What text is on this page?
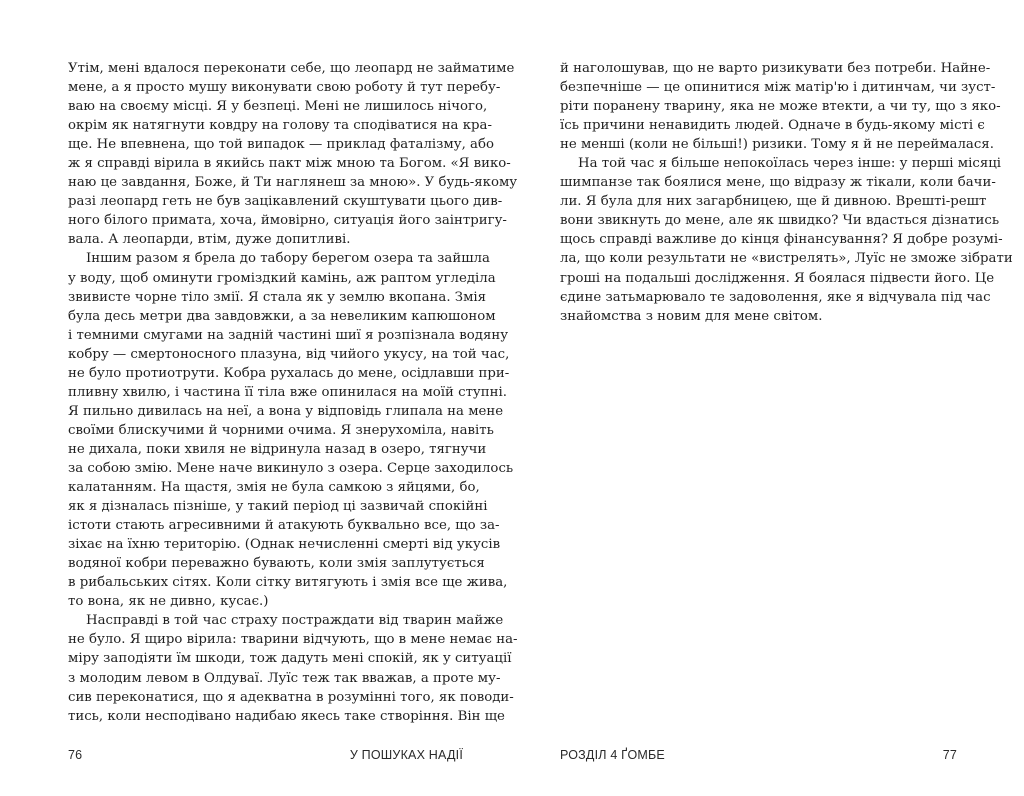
Утім, мені вдалося переконати себе, що леопард не займатиме
мене, а я просто мушу виконувати свою роботу й тут перебу-
ваю на своєму місці. Я у безпеці. Мені не лишилось нічого,
окрім як натягнути ковдру на голову та сподіватися на кра-
ще. Не впевнена, що той випадок — приклад фаталізму, або
ж я справді вірила в якийсь пакт між мною та Богом. «Я вико-
наю це завдання, Боже, й Ти наглянеш за мною». У будь-якому
разі леопард геть не був зацікавлений скуштувати цього див-
ного білого примата, хоча, ймовірно, ситуація його заінтригу-
вала. А леопарди, втім, дуже допитливі.
Іншим разом я брела до табору берегом озера та зайшла
у воду, щоб оминути громіздкий камінь, аж раптом угледіла
звивисте чорне тіло змії. Я стала як у землю вкопана. Змія
була десь метри два завдовжки, а за невеликим капюшоном
і темними смугами на задній частині шиї я розпізнала водяну
кобру — смертоносного плазуна, від чийого укусу, на той час,
не було протиотрути. Кобра рухалась до мене, осідлавши при-
пливну хвилю, і частина її тіла вже опинилася на моїй ступні.
Я пильно дивилась на неї, а вона у відповідь глипала на мене
своїми блискучими й чорними очима. Я знерухоміла, навіть
не дихала, поки хвиля не відринула назад в озеро, тягнучи
за собою змію. Мене наче викинуло з озера. Серце заходилось
калатанням. На щастя, змія не була самкою з яйцями, бо,
як я дізналась пізніше, у такий період ці зазвичай спокійні
істоти стають агресивними й атакують буквально все, що за-
зіхає на їхню територію. (Однак нечисленні смерті від укусів
водяної кобри переважно бувають, коли змія заплутується
в рибальських сітях. Коли сітку витягують і змія все ще жива,
то вона, як не дивно, кусає.)
Насправді в той час страху постраждати від тварин майже
не було. Я щиро вірила: тварини відчують, що в мене немає на-
міру заподіяти їм шкоди, тож дадуть мені спокій, як у ситуації
з молодим левом в Олдуваї. Луїс теж так вважав, а проте му-
сив переконатися, що я адекватна в розумінні того, як поводи-
тись, коли несподівано надибаю якесь таке створіння. Він ще
76	У ПОШУКАХ НАДІЇ
й наголошував, що не варто ризикувати без потреби. Найне-
безпечніше — це опинитися між матір'ю і дитинчам, чи зуст-
ріти поранену тварину, яка не може втекти, а чи ту, що з яко-
їсь причини ненавидить людей. Одначе в будь-якому місті є
не менші (коли не більші!) ризики. Тому я й не переймалася.
На той час я більше непокоїлась через інше: у перші місяці
шимпанзе так боялися мене, що відразу ж тікали, коли бачи-
ли. Я була для них загарбницею, ще й дивною. Врешті-решт
вони звикнуть до мене, але як швидко? Чи вдасться дізнатись
щось справді важливе до кінця фінансування? Я добре розумі-
ла, що коли результати не «вистрелять», Луїс не зможе зібрати
гроші на подальші дослідження. Я боялася підвести його. Це
єдине затьмарювало те задоволення, яке я відчувала під час
знайомства з новим для мене світом.
РОЗДІЛ 4 ҐОМБЕ	77
